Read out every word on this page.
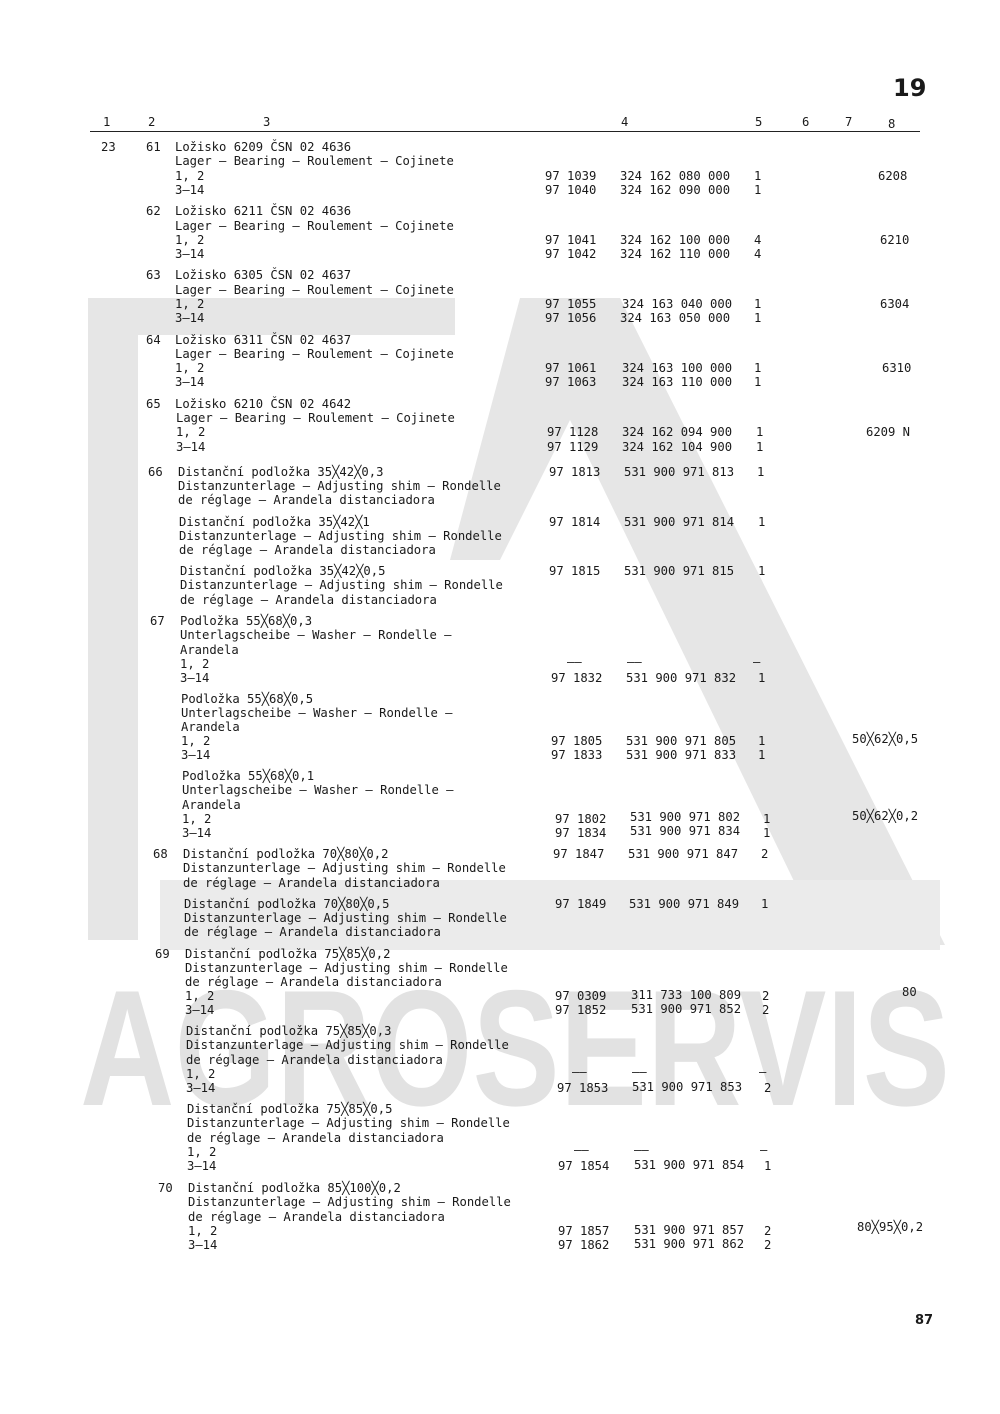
AGROSERVIS
19
1	2	3	4	5	6	7	8
23 61 Ložisko 6209 ČSN 02 4636
Lager — Bearing — Roulement — Cojinete
1, 2	97 1039 324 162 080 000 1	6208
3—14	97 1040 324 162 090 000 1
62 Ložisko 6211 ČSN 02 4636
Lager — Bearing — Roulement — Cojinete
1, 2	97 1041 324 162 100 000 4	6210
3—14	97 1042 324 162 110 000 4
63 Ložisko 6305 ČSN 02 4637
Lager — Bearing — Roulement — Cojinete
1, 2	97 1055 324 163 040 000 1	6304
3—14	97 1056 324 163 050 000 1
64 Ložisko 6311 ČSN 02 4637
Lager — Bearing — Roulement — Cojinete
1, 2	97 1061 324 163 100 000 1	6310
3—14	97 1063 324 163 110 000 1
65 Ložisko 6210 ČSN 02 4642
Lager — Bearing — Roulement — Cojinete
1, 2	97 1128 324 162 094 900 1	6209 N
3—14	97 1129 324 162 104 900 1
66 Distanční podložka 35╳42╳0,3	97 1813 531 900 971 813 1
Distanzunterlage — Adjusting shim — Rondelle
de réglage — Arandela distanciadora
Distanční podložka 35╳42╳1	97 1814 531 900 971 814 1
Distanzunterlage — Adjusting shim — Rondelle
de réglage — Arandela distanciadora
Distanční podložka 35╳42╳0,5	97 1815 531 900 971 815 1
Distanzunterlage — Adjusting shim — Rondelle
de réglage — Arandela distanciadora
67 Podložka 55╳68╳0,3
Unterlagscheibe — Washer — Rondelle —
Arandela
1, 2	——	——	—
3—14	97 1832 531 900 971 832 1
Podložka 55╳68╳0,5
Unterlagscheibe — Washer — Rondelle —
Arandela
1, 2	97 1805 531 900 971 805 1	50╳62╳0,5
3—14	97 1833 531 900 971 833 1
Podložka 55╳68╳0,1
Unterlagscheibe — Washer — Rondelle —
Arandela
1, 2	97 1802 531 900 971 802 1	50╳62╳0,2
3—14	97 1834 531 900 971 834 1
68 Distanční podložka 70╳80╳0,2	97 1847 531 900 971 847 2
Distanzunterlage — Adjusting shim — Rondelle
de réglage — Arandela distanciadora
Distanční podložka 70╳80╳0,5	97 1849 531 900 971 849 1
Distanzunterlage — Adjusting shim — Rondelle
de réglage — Arandela distanciadora
69 Distanční podložka 75╳85╳0,2
Distanzunterlage — Adjusting shim — Rondelle
de réglage — Arandela distanciadora
1, 2	97 0309 311 733 100 809 2	80
3—14	97 1852 531 900 971 852 2
Distanční podložka 75╳85╳0,3
Distanzunterlage — Adjusting shim — Rondelle
de réglage — Arandela distanciadora
1, 2	——	——	—
3—14	97 1853 531 900 971 853 2
Distanční podložka 75╳85╳0,5
Distanzunterlage — Adjusting shim — Rondelle
de réglage — Arandela distanciadora
1, 2	——	——	—
3—14	97 1854 531 900 971 854 1
70 Distanční podložka 85╳100╳0,2
Distanzunterlage — Adjusting shim — Rondelle
de réglage — Arandela distanciadora
1, 2	97 1857 531 900 971 857 2	80╳95╳0,2
3—14	97 1862 531 900 971 862 2
87
